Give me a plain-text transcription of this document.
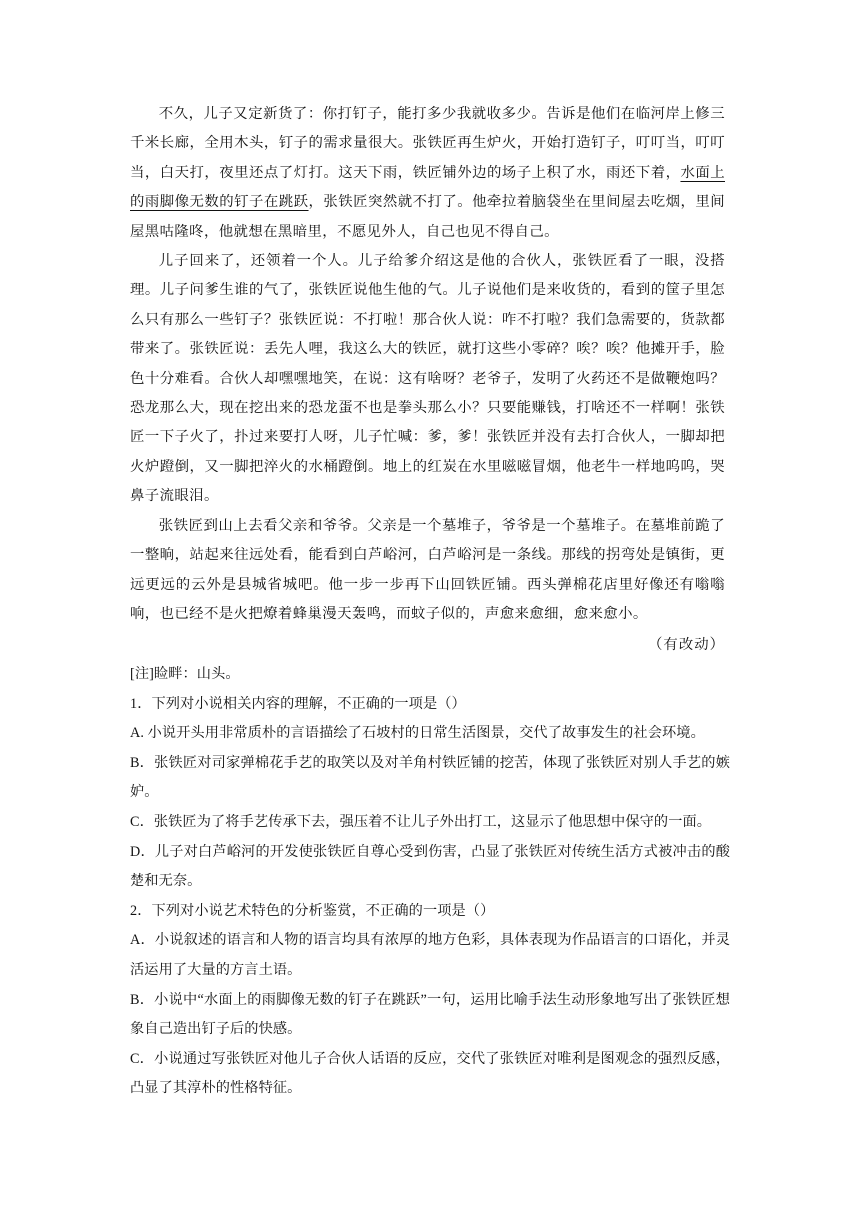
不久，儿子又定新货了：你打钉子，能打多少我就收多少。告诉是他们在临河岸上修三千米长廊，全用木头，钉子的需求量很大。张铁匠再生炉火，开始打造钉子，叮叮当，叮叮当，白天打，夜里还点了灯打。这天下雨，铁匠铺外边的场子上积了水，雨还下着，水面上的雨脚像无数的钉子在跳跃，张铁匠突然就不打了。他牵拉着脑袋坐在里间屋去吃烟，里间屋黑咕隆咚，他就想在黑暗里，不愿见外人，自己也见不得自己。

儿子回来了，还领着一个人。儿子给爹介绍这是他的合伙人，张铁匠看了一眼，没搭理。儿子问爹生谁的气了，张铁匠说他生他的气。儿子说他们是来收货的，看到的筐子里怎么只有那么一些钉子？张铁匠说：不打啦！那合伙人说：咋不打啦？我们急需要的，货款都带来了。张铁匠说：丢先人哩，我这么大的铁匠，就打这些小零碎？唉？唉？他摊开手，脸色十分难看。合伙人却嘿嘿地笑，在说：这有啥呀？老爷子，发明了火药还不是做鞭炮吗？恐龙那么大，现在挖出来的恐龙蛋不也是拳头那么小？只要能赚钱，打啥还不一样啊！张铁匠一下子火了，扑过来要打人呀，儿子忙喊：爹，爹！张铁匠并没有去打合伙人，一脚却把火炉蹬倒，又一脚把淬火的水桶蹬倒。地上的红炭在水里嗞嗞冒烟，他老牛一样地呜呜，哭鼻子流眼泪。

张铁匠到山上去看父亲和爷爷。父亲是一个墓堆子，爷爷是一个墓堆子。在墓堆前跪了一整晌，站起来往远处看，能看到白芦峪河，白芦峪河是一条线。那线的拐弯处是镇街，更远更远的云外是县城省城吧。他一步一步再下山回铁匠铺。西头弹棉花店里好像还有嗡嗡响，也已经不是火把燎着蜂巢漫天轰鸣，而蚊子似的，声愈来愈细，愈来愈小。

（有改动）
[注]睑畔：山头。
1．下列对小说相关内容的理解，不正确的一项是（）
A. 小说开头用非常质朴的言语描绘了石坡村的日常生活图景，交代了故事发生的社会环境。
B．张铁匠对司家弹棉花手艺的取笑以及对羊角村铁匠铺的挖苦，体现了张铁匠对别人手艺的嫉妒。
C．张铁匠为了将手艺传承下去，强压着不让儿子外出打工，这显示了他思想中保守的一面。
D．儿子对白芦峪河的开发使张铁匠自尊心受到伤害，凸显了张铁匠对传统生活方式被冲击的酸楚和无奈。
2．下列对小说艺术特色的分析鉴赏，不正确的一项是（）
A．小说叙述的语言和人物的语言均具有浓厚的地方色彩，具体表现为作品语言的口语化，并灵活运用了大量的方言土语。
B．小说中“水面上的雨脚像无数的钉子在跳跃”一句，运用比喻手法生动形象地写出了张铁匠想象自己造出钉子后的快感。
C．小说通过写张铁匠对他儿子合伙人话语的反应，交代了张铁匠对唯利是图观念的强烈反感，凸显了其淳朴的性格特征。
